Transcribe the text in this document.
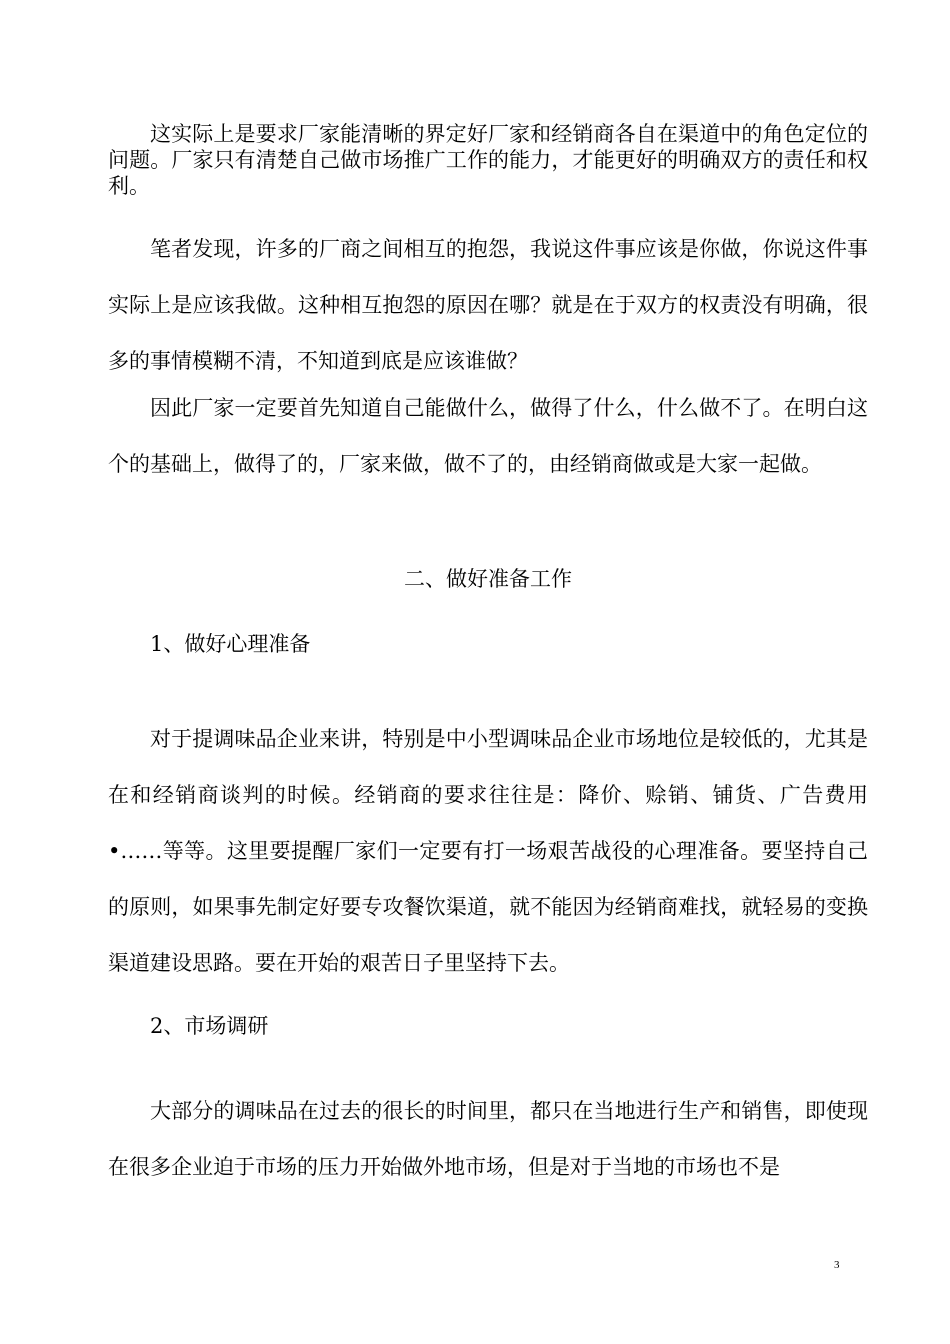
这实际上是要求厂家能清晰的界定好厂家和经销商各自在渠道中的角色定位的问题。厂家只有清楚自己做市场推广工作的能力，才能更好的明确双方的责任和权利。

笔者发现，许多的厂商之间相互的抱怨，我说这件事应该是你做，你说这件事实际上是应该我做。这种相互抱怨的原因在哪？就是在于双方的权责没有明确，很多的事情模糊不清，不知道到底是应该谁做？

因此厂家一定要首先知道自己能做什么，做得了什么，什么做不了。在明白这个的基础上，做得了的，厂家来做，做不了的，由经销商做或是大家一起做。

二、做好准备工作
1、做好心理准备

对于提调味品企业来讲，特别是中小型调味品企业市场地位是较低的，尤其是在和经销商谈判的时候。经销商的要求往往是：降价、赊销、铺货、广告费用•……等等。这里要提醒厂家们一定要有打一场艰苦战役的心理准备。要坚持自己的原则，如果事先制定好要专攻餐饮渠道，就不能因为经销商难找，就轻易的变换渠道建设思路。要在开始的艰苦日子里坚持下去。

2、市场调研

大部分的调味品在过去的很长的时间里，都只在当地进行生产和销售，即使现在很多企业迫于市场的压力开始做外地市场，但是对于当地的市场也不是

3
